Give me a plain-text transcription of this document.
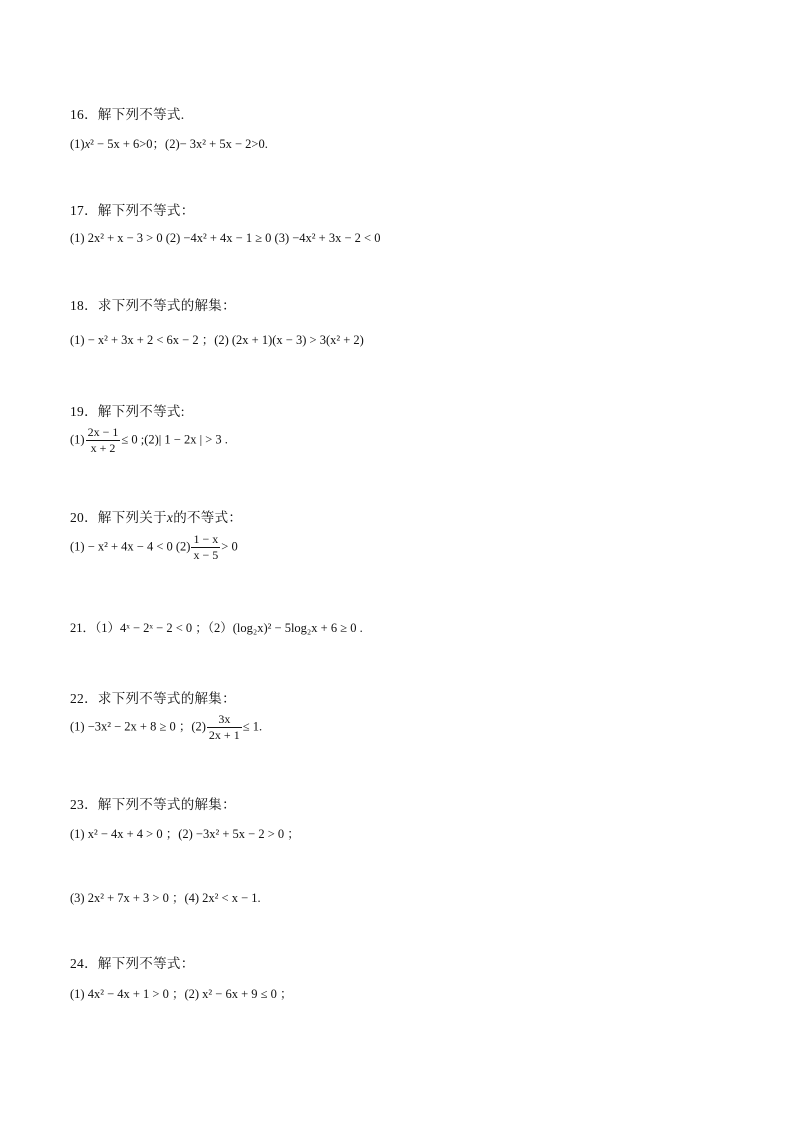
16．解下列不等式.
(1)x² − 5x + 6>0；(2)− 3x² + 5x − 2>0.
17．解下列不等式：
(1) 2x² + x − 3 > 0 (2) −4x² + 4x − 1 ≥ 0 (3) −4x² + 3x − 2 < 0
18．求下列不等式的解集：
(1) − x² + 3x + 2 < 6x − 2 ；(2) (2x + 1)(x − 3) > 3(x² + 2)
19．解下列不等式:
$(1) \frac{2x - 1}{x + 2} \le 0$ ;(2)| 1 − 2x | > 3 .
20．解下列关于x的不等式：
(1) − x² + 4x − 4 < 0 $(2) \frac{1 - x}{x - 5} > 0$
21．（1）4ˣ − 2ˣ − 2 < 0 ；（2）(log₂x)² − 5log₂x + 6 ≥ 0 .
22．求下列不等式的解集：
(1) −3x² − 2x + 8 ≥ 0 ；$(2) \frac{3x}{2x + 1} \le 1$.
23．解下列不等式的解集：
(1) x² − 4x + 4 > 0 ；(2) −3x² + 5x − 2 > 0 ；
(3) 2x² + 7x + 3 > 0 ；(4) 2x² < x − 1.
24．解下列不等式：
(1) 4x² − 4x + 1 > 0 ；(2) x² − 6x + 9 ≤ 0 ；
